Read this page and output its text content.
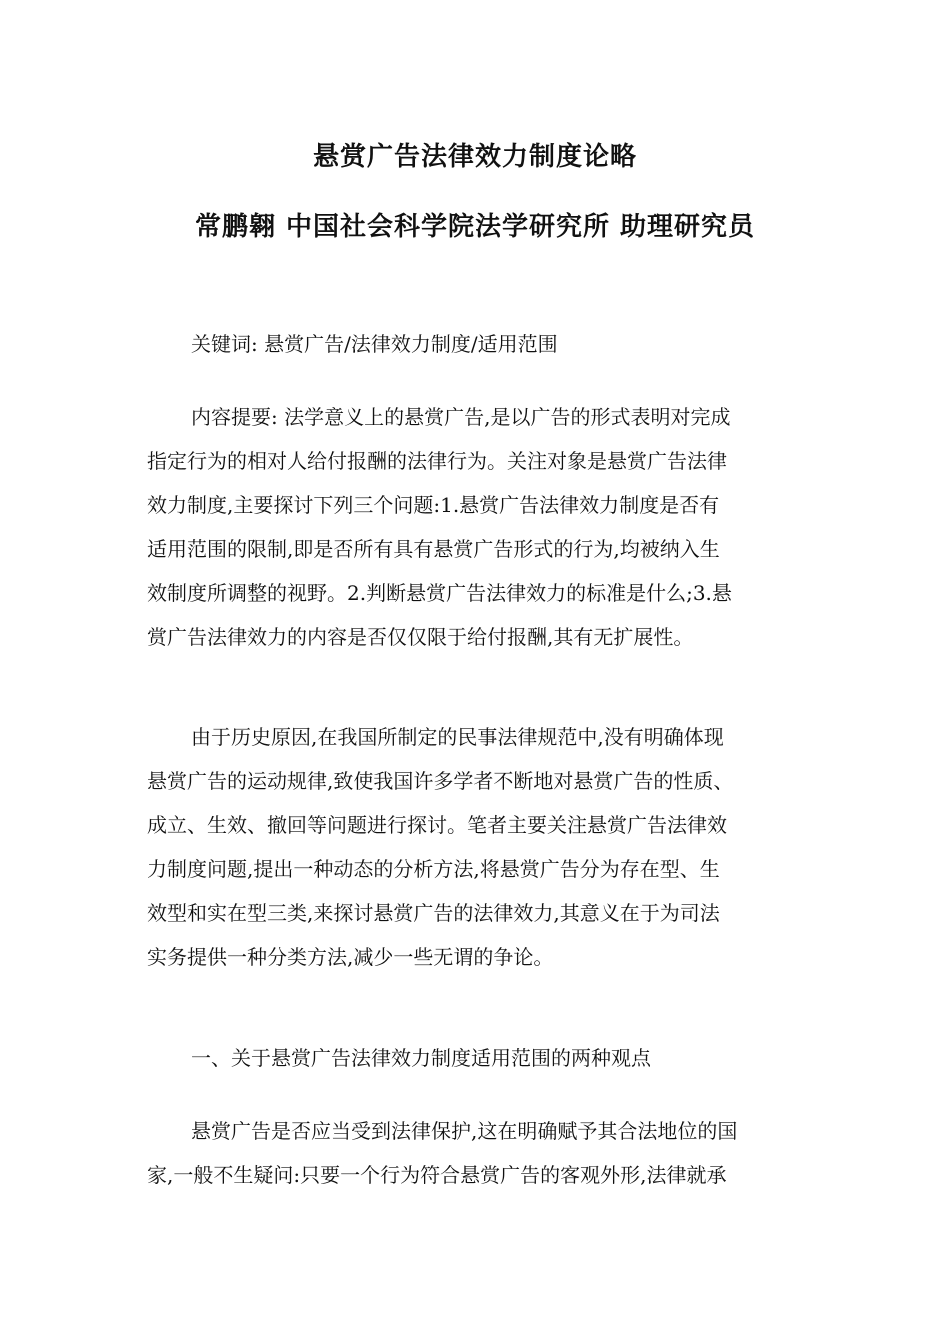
悬赏广告法律效力制度论略
常鹏翱 中国社会科学院法学研究所 助理研究员
关键词: 悬赏广告/法律效力制度/适用范围
内容提要: 法学意义上的悬赏广告,是以广告的形式表明对完成
指定行为的相对人给付报酬的法律行为。关注对象是悬赏广告法律
效力制度,主要探讨下列三个问题:1.悬赏广告法律效力制度是否有
适用范围的限制,即是否所有具有悬赏广告形式的行为,均被纳入生
效制度所调整的视野。2.判断悬赏广告法律效力的标准是什么;3.悬
赏广告法律效力的内容是否仅仅限于给付报酬,其有无扩展性。
由于历史原因,在我国所制定的民事法律规范中,没有明确体现
悬赏广告的运动规律,致使我国许多学者不断地对悬赏广告的性质、
成立、生效、撤回等问题进行探讨。笔者主要关注悬赏广告法律效
力制度问题,提出一种动态的分析方法,将悬赏广告分为存在型、生
效型和实在型三类,来探讨悬赏广告的法律效力,其意义在于为司法
实务提供一种分类方法,减少一些无谓的争论。
一、关于悬赏广告法律效力制度适用范围的两种观点
悬赏广告是否应当受到法律保护,这在明确赋予其合法地位的国
家,一般不生疑问:只要一个行为符合悬赏广告的客观外形,法律就承
